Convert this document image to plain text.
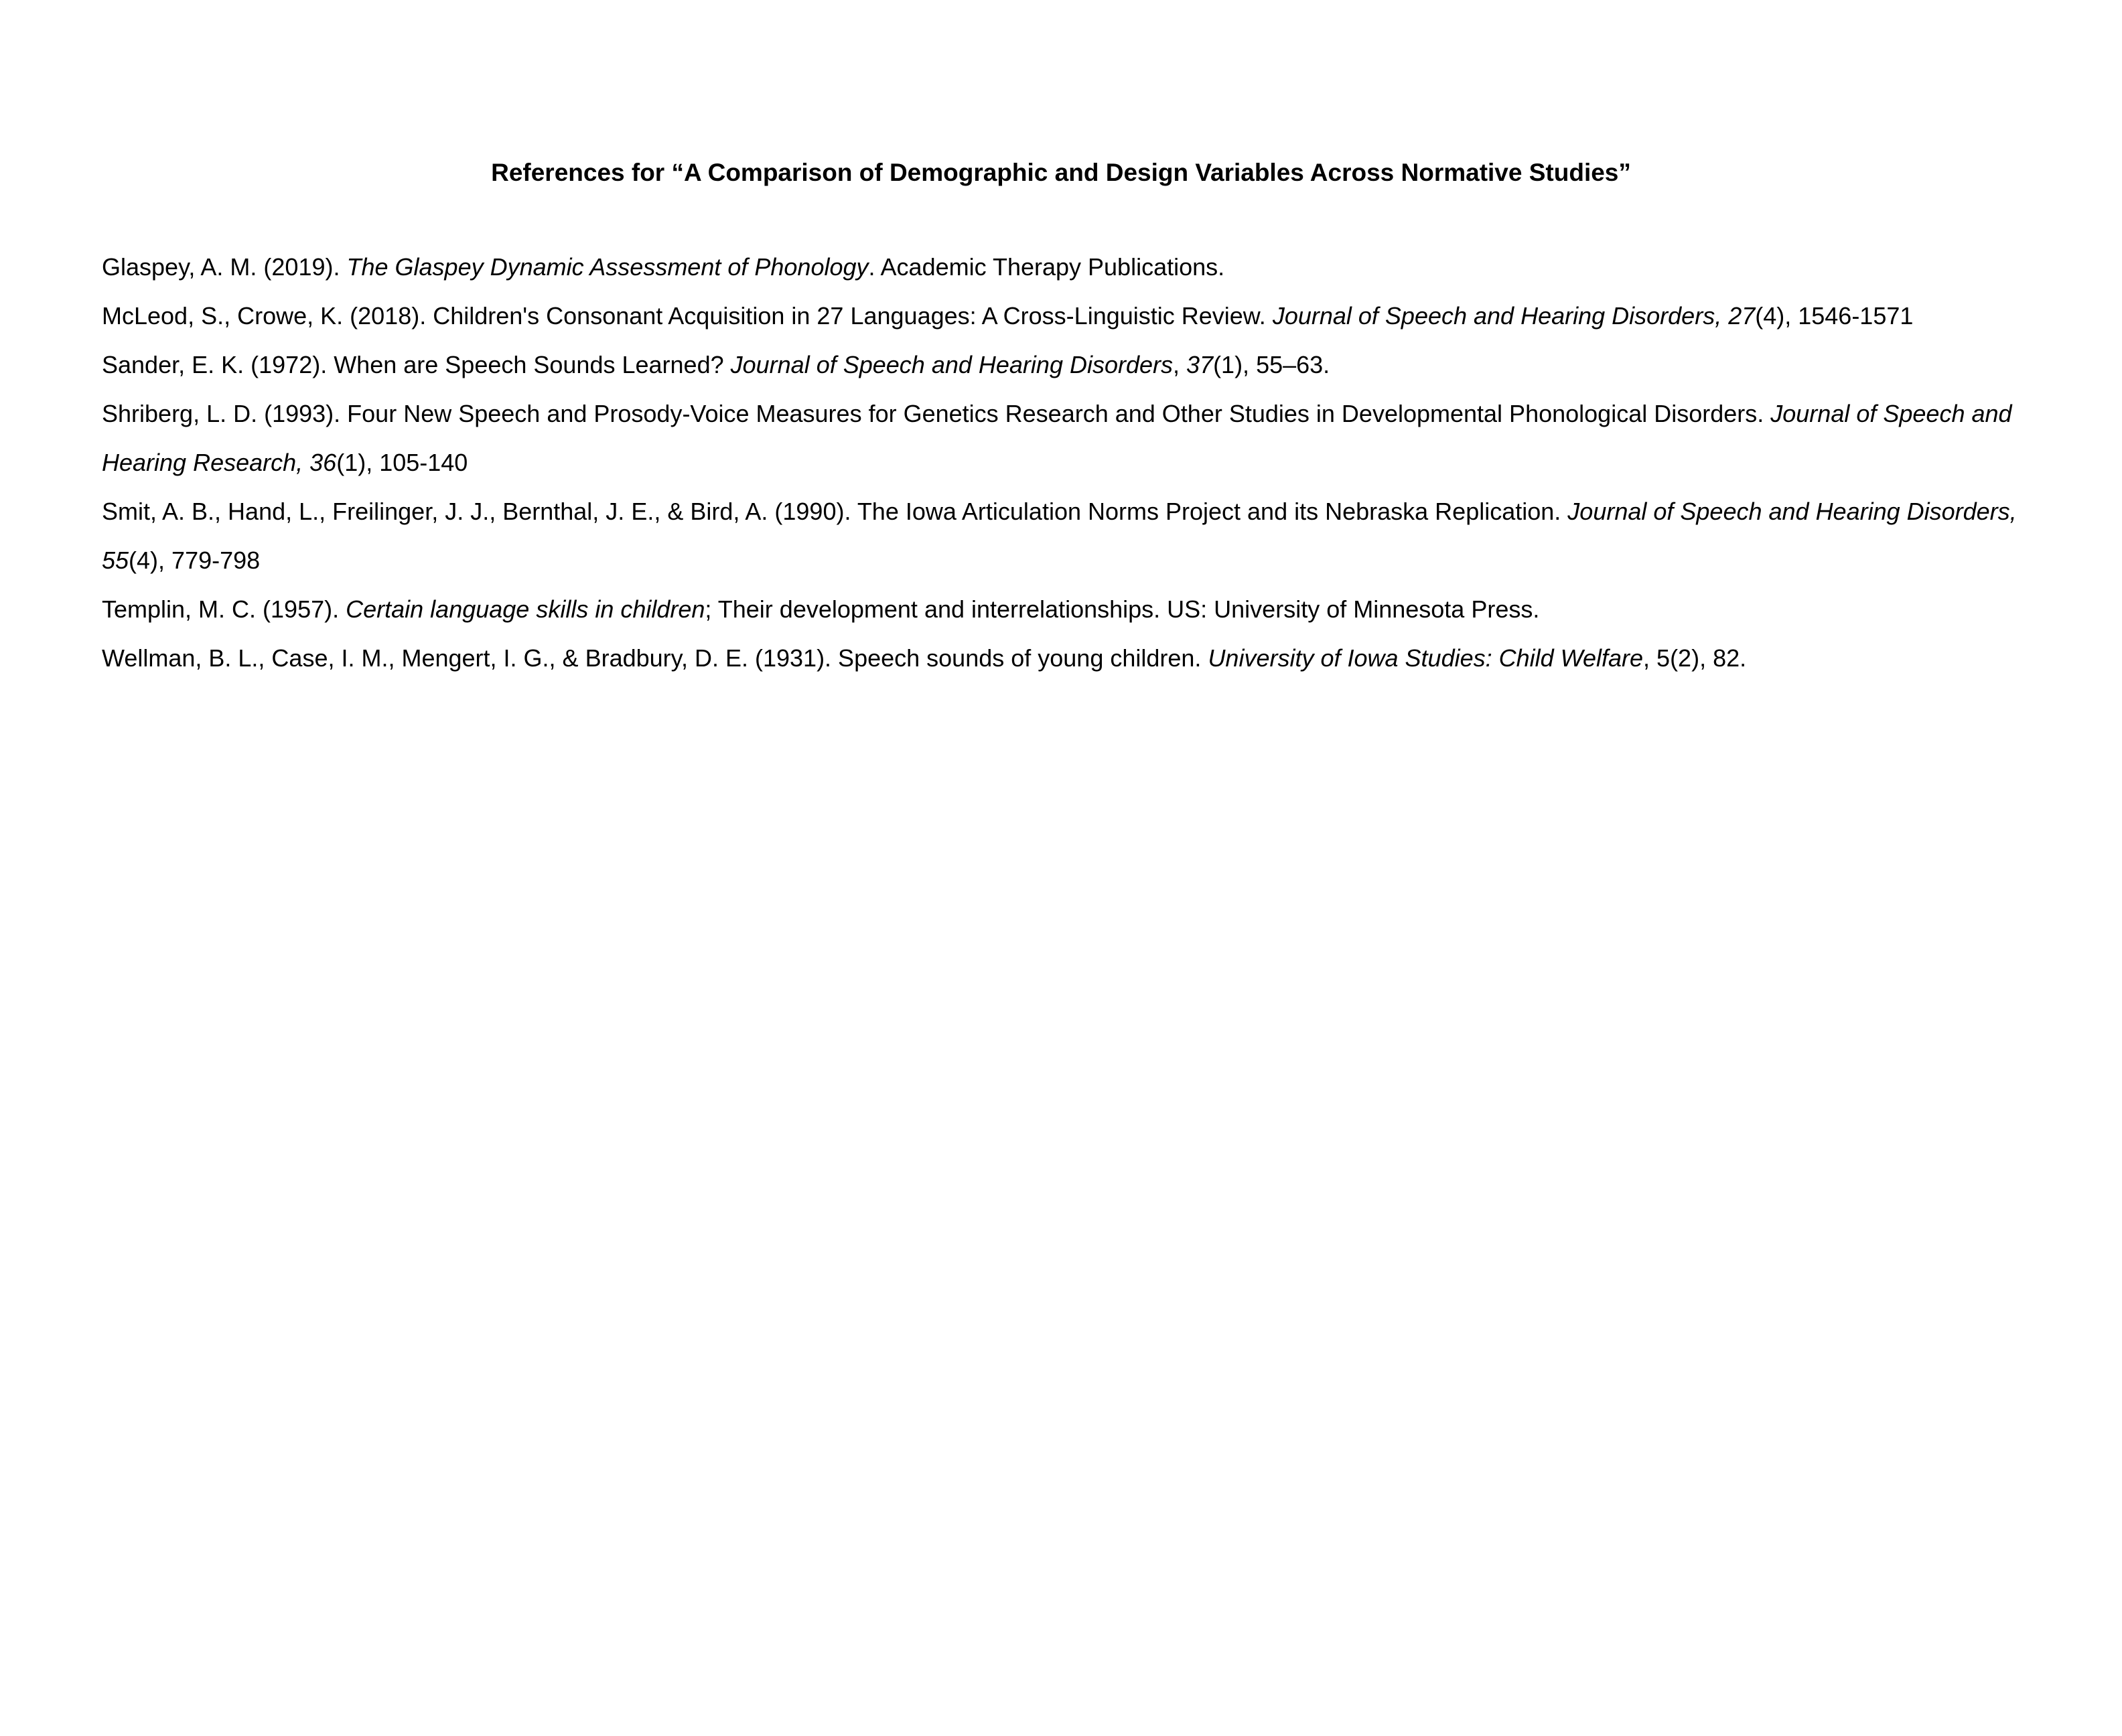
References for “A Comparison of Demographic and Design Variables Across Normative Studies”
Glaspey, A. M. (2019). The Glaspey Dynamic Assessment of Phonology. Academic Therapy Publications.
McLeod, S., Crowe, K. (2018). Children's Consonant Acquisition in 27 Languages: A Cross-Linguistic Review. Journal of Speech and Hearing Disorders, 27(4), 1546-1571
Sander, E. K. (1972). When are Speech Sounds Learned? Journal of Speech and Hearing Disorders, 37(1), 55–63.
Shriberg, L. D. (1993). Four New Speech and Prosody-Voice Measures for Genetics Research and Other Studies in Developmental Phonological Disorders. Journal of Speech and Hearing Research, 36(1), 105-140
Smit, A. B., Hand, L., Freilinger, J. J., Bernthal, J. E., & Bird, A. (1990). The Iowa Articulation Norms Project and its Nebraska Replication. Journal of Speech and Hearing Disorders, 55(4), 779-798
Templin, M. C. (1957). Certain language skills in children; Their development and interrelationships. US: University of Minnesota Press.
Wellman, B. L., Case, I. M., Mengert, I. G., & Bradbury, D. E. (1931). Speech sounds of young children. University of Iowa Studies: Child Welfare, 5(2), 82.
